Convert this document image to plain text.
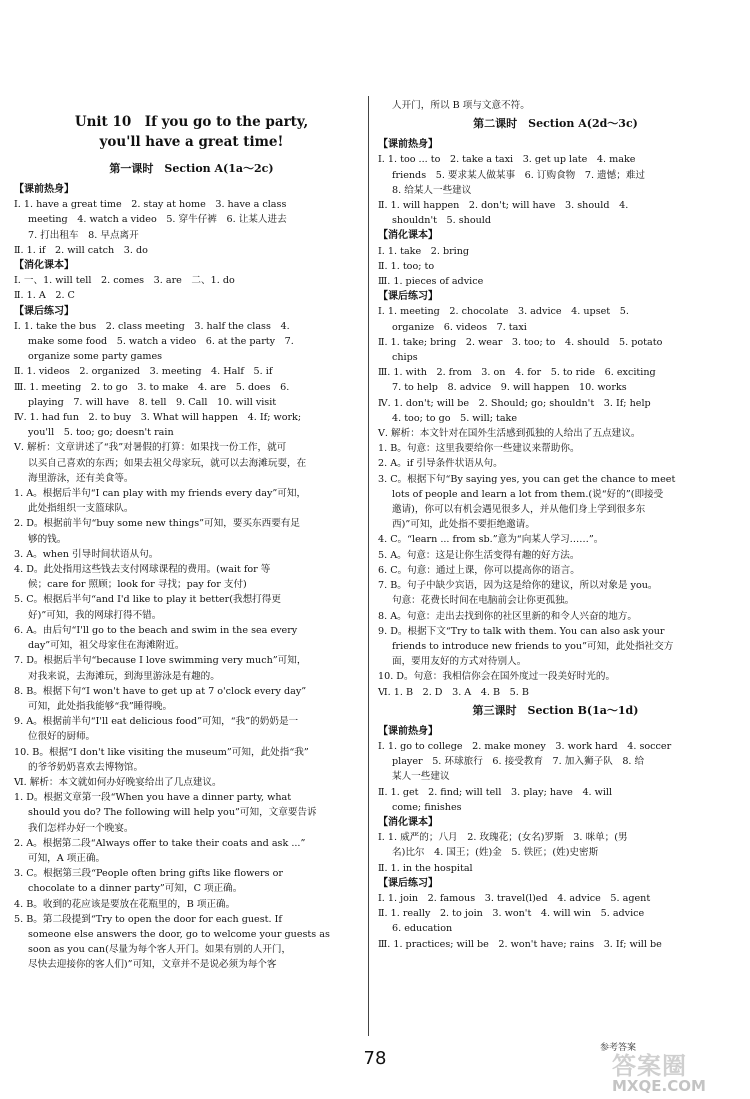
Unit 10　If you go to the party,
you'll have a great time!
第一课时　Section A(1a～2c)
【课前热身】
Ⅰ. 1. have a great time　2. stay at home　3. have a class
meeting　4. watch a video　5. 穿牛仔裤　6. 让某人进去
7. 打出租车　8. 早点离开
Ⅱ. 1. if　2. will catch　3. do
【消化课本】
Ⅰ. 一、1. will tell　2. comes　3. are　二、1. do
Ⅱ. 1. A　2. C
【课后练习】
Ⅰ. 1. take the bus　2. class meeting　3. half the class　4.
make some food　5. watch a video　6. at the party　7.
organize some party games
Ⅱ. 1. videos　2. organized　3. meeting　4. Half　5. if
Ⅲ. 1. meeting　2. to go　3. to make　4. are　5. does　6.
playing　7. will have　8. tell　9. Call　10. will visit
Ⅳ. 1. had fun　2. to buy　3. What will happen　4. If; work;
you'll　5. too; go; doesn't rain
Ⅴ. 解析：文章讲述了“我”对暑假的打算：如果找一份工作，就可
以买自己喜欢的东西；如果去祖父母家玩，就可以去海滩玩耍，在
海里游泳，还有美食等。
1. A。根据后半句“I can play with my friends every day”可知，
此处指组织一支篮球队。
2. D。根据前半句“buy some new things”可知，要买东西要有足
够的钱。
3. A。when 引导时间状语从句。
4. D。此处指用这些钱去支付网球课程的费用。(wait for 等
候；care for 照顾；look for 寻找；pay for 支付)
5. C。根据后半句“and I'd like to play it better(我想打得更
好)”可知，我的网球打得不错。
6. A。由后句“I'll go to the beach and swim in the sea every
day”可知，祖父母家住在海滩附近。
7. D。根据后半句“because I love swimming very much”可知，
对我来说，去海滩玩，到海里游泳是有趣的。
8. B。根据下句“I won't have to get up at 7 o'clock every day”
可知，此处指我能够“我”睡得晚。
9. A。根据前半句“I'll eat delicious food”可知，“我”的奶奶是一
位很好的厨师。
10. B。根据“I don't like visiting the museum”可知，此处指“我”
的爷爷奶奶喜欢去博物馆。
Ⅵ. 解析：本文就如何办好晚宴给出了几点建议。
1. D。根据文章第一段“When you have a dinner party, what
should you do? The following will help you”可知，文章要告诉
我们怎样办好一个晚宴。
2. A。根据第二段“Always offer to take their coats and ask ...”
可知，A 项正确。
3. C。根据第三段“People often bring gifts like flowers or
chocolate to a dinner party”可知，C 项正确。
4. B。收到的花应该是要放在花瓶里的，B 项正确。
5. B。第二段提到“Try to open the door for each guest. If
someone else answers the door, go to welcome your guests as
soon as you can(尽量为每个客人开门。如果有别的人开门，
尽快去迎接你的客人们)”可知，文章并不是说必须为每个客
人开门，所以 B 项与文意不符。
第二课时　Section A(2d～3c)
【课前热身】
Ⅰ. 1. too ... to　2. take a taxi　3. get up late　4. make
friends　5. 要求某人做某事　6. 订购食物　7. 遗憾；难过
8. 给某人一些建议
Ⅱ. 1. will happen　2. don't; will have　3. should　4.
shouldn't　5. should
【消化课本】
Ⅰ. 1. take　2. bring
Ⅱ. 1. too; to
Ⅲ. 1. pieces of advice
【课后练习】
Ⅰ. 1. meeting　2. chocolate　3. advice　4. upset　5.
organize　6. videos　7. taxi
Ⅱ. 1. take; bring　2. wear　3. too; to　4. should　5. potato
chips
Ⅲ. 1. with　2. from　3. on　4. for　5. to ride　6. exciting
7. to help　8. advice　9. will happen　10. works
Ⅳ. 1. don't; will be　2. Should; go; shouldn't　3. If; help
4. too; to go　5. will; take
Ⅴ. 解析：本文针对在国外生活感到孤独的人给出了五点建议。
1. B。句意：这里我要给你一些建议来帮助你。
2. A。if 引导条件状语从句。
3. C。根据下句“By saying yes, you can get the chance to meet
lots of people and learn a lot from them.(说“好的”(即接受
邀请)，你可以有机会遇见很多人，并从他们身上学到很多东
西)”可知，此处指不要拒绝邀请。
4. C。“learn ... from sb.”意为“向某人学习……”。
5. A。句意：这是让你生活变得有趣的好方法。
6. C。句意：通过上课，你可以提高你的语言。
7. B。句子中缺少宾语，因为这是给你的建议，所以对象是 you。
句意：花费长时间在电脑前会让你更孤独。
8. A。句意：走出去找到你的社区里新的和令人兴奋的地方。
9. D。根据下文“Try to talk with them. You can also ask your
friends to introduce new friends to you”可知，此处指社交方
面，要用友好的方式对待别人。
10. D。句意：我相信你会在国外度过一段美好时光的。
Ⅵ. 1. B　2. D　3. A　4. B　5. B
第三课时　Section B(1a～1d)
【课前热身】
Ⅰ. 1. go to college　2. make money　3. work hard　4. soccer
player　5. 环球旅行　6. 接受教育　7. 加入狮子队　8. 给
某人一些建议
Ⅱ. 1. get　2. find; will tell　3. play; have　4. will
come; finishes
【消化课本】
Ⅰ. 1. 威严的；八月　2. 玫瑰花；(女名)罗斯　3. 咪单；(男
名)比尔　4. 国王；(姓)金　5. 铁匠；(姓)史密斯
Ⅱ. 1. in the hospital
【课后练习】
Ⅰ. 1. join　2. famous　3. travel(l)ed　4. advice　5. agent
Ⅱ. 1. really　2. to join　3. won't　4. will win　5. advice
6. education
Ⅲ. 1. practices; will be　2. won't have; rains　3. If; will be
参考答案
78	答案圈
MXQE.COM
